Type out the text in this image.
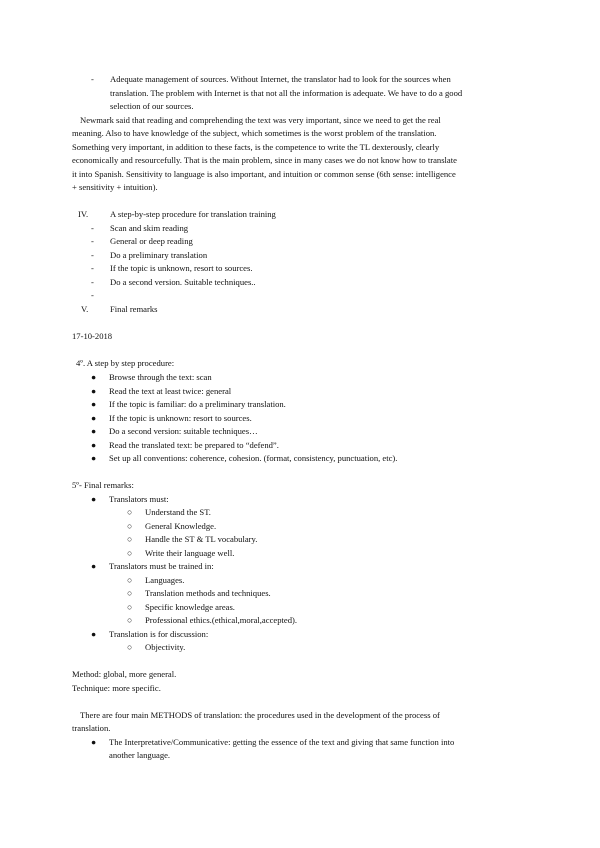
- Adequate management of sources. Without Internet, the translator had to look for the sources when
translation. The problem with Internet is that not all the information is adequate. We have to do a good
selection of our sources.
Newmark said that reading and comprehending the text was very important, since we need to get the real
meaning. Also to have knowledge of the subject, which sometimes is the worst problem of the translation.
Something very important, in addition to these facts, is the competence to write the TL dexterously, clearly
economically and resourcefully. That is the main problem, since in many cases we do not know how to translate
it into Spanish. Sensitivity to language is also important, and intuition or common sense (6th sense: intelligence
+ sensitivity + intuition).
IV.	A step-by-step procedure for translation training
- Scan and skim reading
- General or deep reading
- Do a preliminary translation
- If the topic is unknown, resort to sources.
- Do a second version. Suitable techniques..
-
V.	Final remarks
17-10-2018
4º. A step by step procedure:
● Browse through the text: scan
● Read the text at least twice: general
● If the topic is familiar: do a preliminary translation.
● If the topic is unknown: resort to sources.
● Do a second version: suitable techniques…
● Read the translated text: be prepared to “defend”.
● Set up all conventions: coherence, cohesion. (format, consistency, punctuation, etc).
5º- Final remarks:
● Translators must:
○ Understand the ST.
○ General Knowledge.
○ Handle the ST & TL vocabulary.
○ Write their language well.
● Translators must be trained in:
○ Languages.
○ Translation methods and techniques.
○ Specific knowledge areas.
○ Professional ethics.(ethical,moral,accepted).
● Translation is for discussion:
○ Objectivity.
Method: global, more general.
Technique: more specific.
There are four main METHODS of translation: the procedures used in the development of the process of
translation.
● The Interpretative/Communicative: getting the essence of the text and giving that same function into
another language.
